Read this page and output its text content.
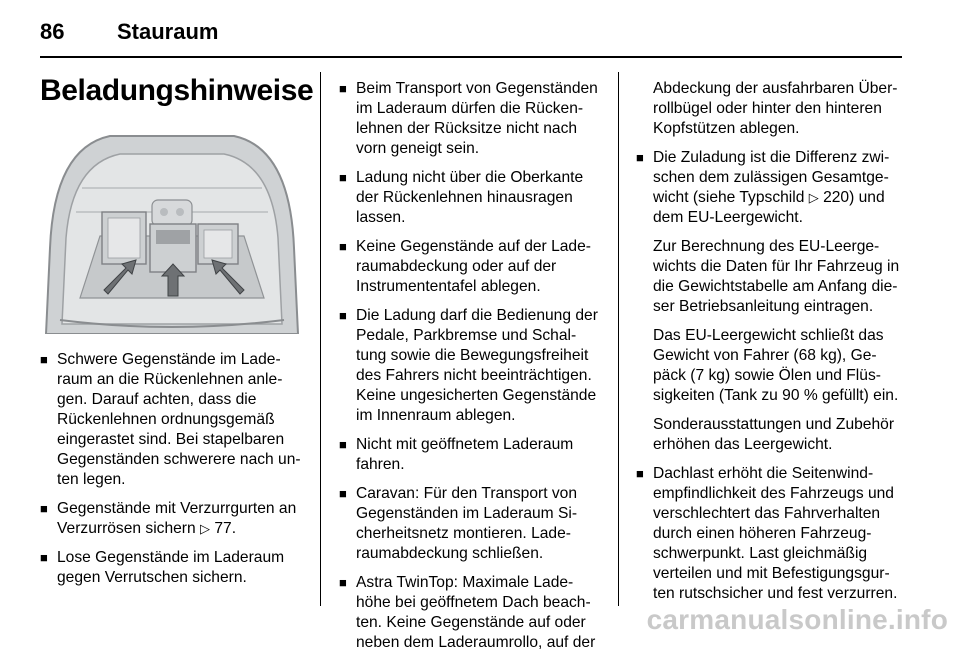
86 Stauraum
Beladungshinweise
■ Schwere Gegenstände im Lade-raum an die Rückenlehnen anle-gen. Darauf achten, dass die Rückenlehnen ordnungsgemäß eingerastet sind. Bei stapelbaren Gegenständen schwerere nach un-ten legen.
■ Gegenstände mit Verzurrgurten an Verzurrösen sichern ▷ 77.
■ Lose Gegenstände im Laderaum gegen Verrutschen sichern.
■ Beim Transport von Gegenständen im Laderaum dürfen die Rücken-lehnen der Rücksitze nicht nach vorn geneigt sein.
■ Ladung nicht über die Oberkante der Rückenlehnen hinausragen lassen.
■ Keine Gegenstände auf der Lade-raumabdeckung oder auf der Instrumententafel ablegen.
■ Die Ladung darf die Bedienung der Pedale, Parkbremse und Schal-tung sowie die Bewegungsfreiheit des Fahrers nicht beeinträchtigen. Keine ungesicherten Gegenstände im Innenraum ablegen.
■ Nicht mit geöffnetem Laderaum fahren.
■ Caravan: Für den Transport von Gegenständen im Laderaum Si-cherheitsnetz montieren. Lade-raumabdeckung schließen.
■ Astra TwinTop: Maximale Lade-höhe bei geöffnetem Dach beach-ten. Keine Gegenstände auf oder neben dem Laderaumrollo, auf der

Abdeckung der ausfahrbaren Über-rollbügel oder hinter den hinteren Kopfstützen ablegen.

■ Die Zuladung ist die Differenz zwi-schen dem zulässigen Gesamtge-wicht (siehe Typschild ▷ 220) und dem EU-Leergewicht.

Zur Berechnung des EU-Leerge-wichts die Daten für Ihr Fahrzeug in die Gewichtstabelle am Anfang die-ser Betriebsanleitung eintragen.

Das EU-Leergewicht schließt das Gewicht von Fahrer (68 kg), Ge-päck (7 kg) sowie Ölen und Flüs-sigkeiten (Tank zu 90 % gefüllt) ein.

Sonderausstattungen und Zubehör erhöhen das Leergewicht.

■ Dachlast erhöht die Seitenwind-empfindlichkeit des Fahrzeugs und verschlechtert das Fahrverhalten durch einen höheren Fahrzeug-schwerpunkt. Last gleichmäßig verteilen und mit Befestigungsgur-ten rutschsicher und fest verzurren.
carmanualsonline.info
